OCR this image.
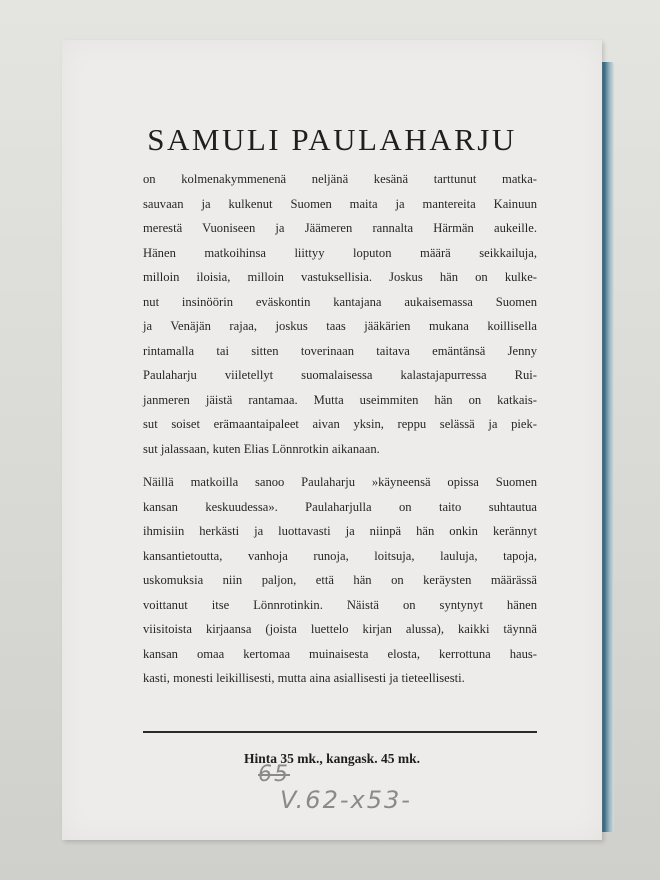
SAMULI PAULAHARJU
on kolmenakymmenenä neljänä kesänä tarttunut matka-
sauvaan ja kulkenut Suomen maita ja mantereita Kainuun
merestä Vuoniseen ja Jäämeren rannalta Härmän aukeille.
Hänen matkoihinsa liittyy loputon määrä seikkailuja,
milloin iloisia, milloin vastuksellisia. Joskus hän on kulke-
nut insinöörin eväskontin kantajana aukaisemassa Suomen
ja Venäjän rajaa, joskus taas jääkärien mukana koillisella
rintamalla tai sitten toverinaan taitava emäntänsä Jenny
Paulaharju viiletellyt suomalaisessa kalastajapurressa Rui-
janmeren jäistä rantamaa. Mutta useimmiten hän on katkais-
sut soiset erämaantaipaleet aivan yksin, reppu selässä ja piek-
sut jalassaan, kuten Elias Lönnrotkin aikanaan.
Näillä matkoilla sanoo Paulaharju »käyneensä opissa Suomen
kansan keskuudessa». Paulaharjulla on taito suhtautua
ihmisiin herkästi ja luottavasti ja niinpä hän onkin kerännyt
kansantietoutta, vanhoja runoja, loitsuja, lauluja, tapoja,
uskomuksia niin paljon, että hän on keräysten määrässä
voittanut itse Lönnrotinkin. Näistä on syntynyt hänen
viisitoista kirjaansa (joista luettelo kirjan alussa), kaikki täynnä
kansan omaa kertomaa muinaisesta elosta, kerrottuna haus-
kasti, monesti leikillisesti, mutta aina asiallisesti ja tieteellisesti.

Hinta 35 mk., kangask. 45 mk.

65
V.62-x53-
